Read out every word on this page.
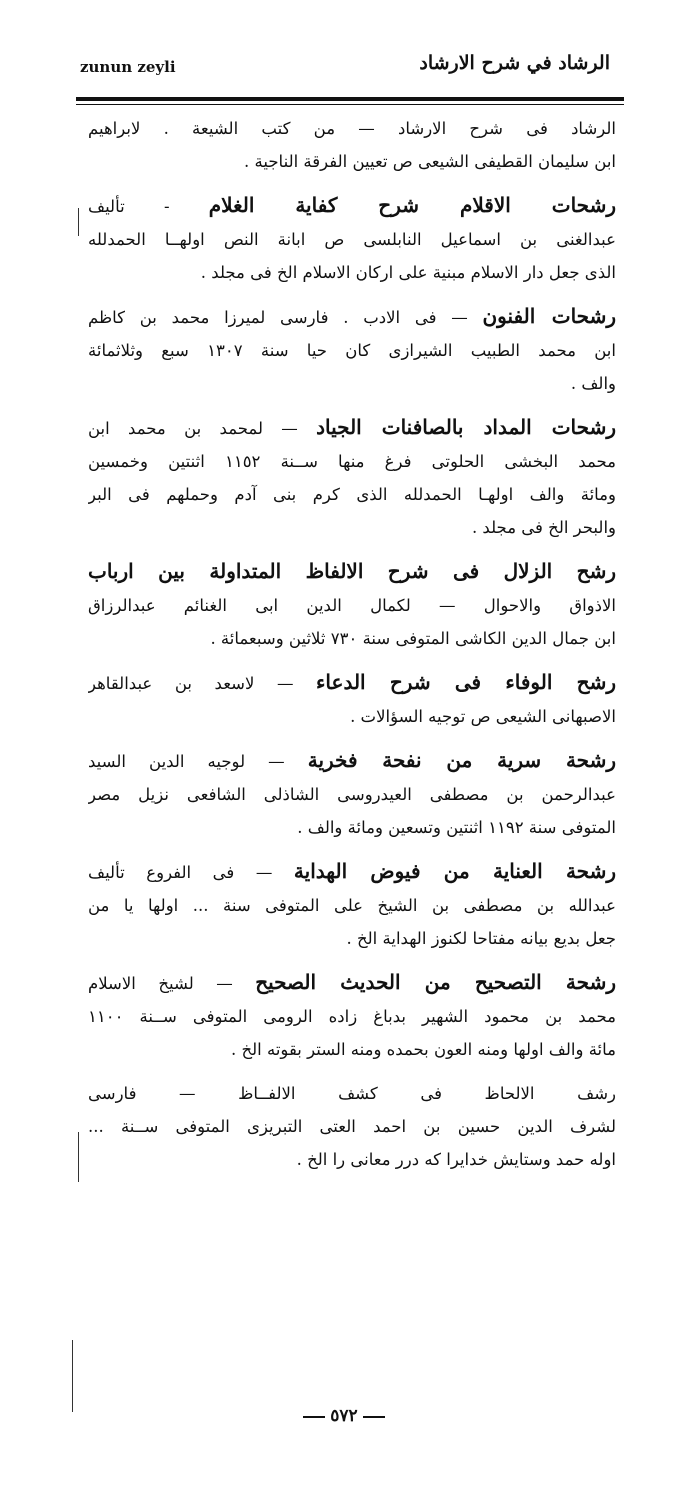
zunun zeyli	الرشاد في شرح الارشاد
الرشاد فى شرح الارشاد — من كتب الشيعة . لابراهيم
ابن سليمان القطيفى الشيعى ص تعيين الفرقة الناجية .
رشحات الاقلام شرح كفاية الغلام - تأليف
عبدالغنى بن اسماعيل النابلسى ص ابانة النص اولهــا الحمدلله
الذى جعل دار الاسلام مبنية على اركان الاسلام الخ فى مجلد .
رشحات الفنون — فى الادب . فارسى لميرزا محمد بن كاظم
ابن محمد الطبيب الشيرازى كان حيا سنة ١٣٠٧ سبع وثلاثمائة
والف .
رشحات المداد بالصافنات الجياد — لمحمد بن محمد ابن
محمد البخشى الحلوتى فرغ منها ســنة ١١٥٢ اثنتين وخمسين
ومائة والف اولهـا الحمدلله الذى كرم بنى آدم وحملهم فى البر
والبحر الخ فى مجلد .
رشح الزلال فى شرح الالفاظ المتداولة بين ارباب
الاذواق والاحوال — لكمال الدين ابى الغنائم عبدالرزاق
ابن جمال الدين الكاشى المتوفى سنة ٧٣٠ ثلاثين وسبعمائة .
رشح الوفاء فى شرح الدعاء — لاسعد بن عبدالقاهر
الاصبهانى الشيعى ص توجيه السؤالات .
رشحة سرية من نفحة فخرية — لوجيه الدين السيد
عبدالرحمن بن مصطفى العيدروسى الشاذلى الشافعى نزيل مصر
المتوفى سنة ١١٩٢ اثنتين وتسعين ومائة والف .
رشحة العناية من فيوض الهداية — فى الفروع تأليف
عبدالله بن مصطفى بن الشيخ على المتوفى سنة ... اولها يا من
جعل بديع بيانه مفتاحا لكنوز الهداية الخ .
رشحة التصحيح من الحديث الصحيح — لشيخ الاسلام
محمد بن محمود الشهير بدباغ زاده الرومى المتوفى ســنة ١١٠٠
مائة والف اولها ومنه العون بحمده ومنه الستر بقوته الخ .
رشف الالحاظ فى كشف الالفــاظ — فارسى
لشرف الدين حسين بن احمد العتى التبريزى المتوفى ســنة ...
اوله حمد وستايش خدايرا كه درر معانى را الخ .
٥٧٢
